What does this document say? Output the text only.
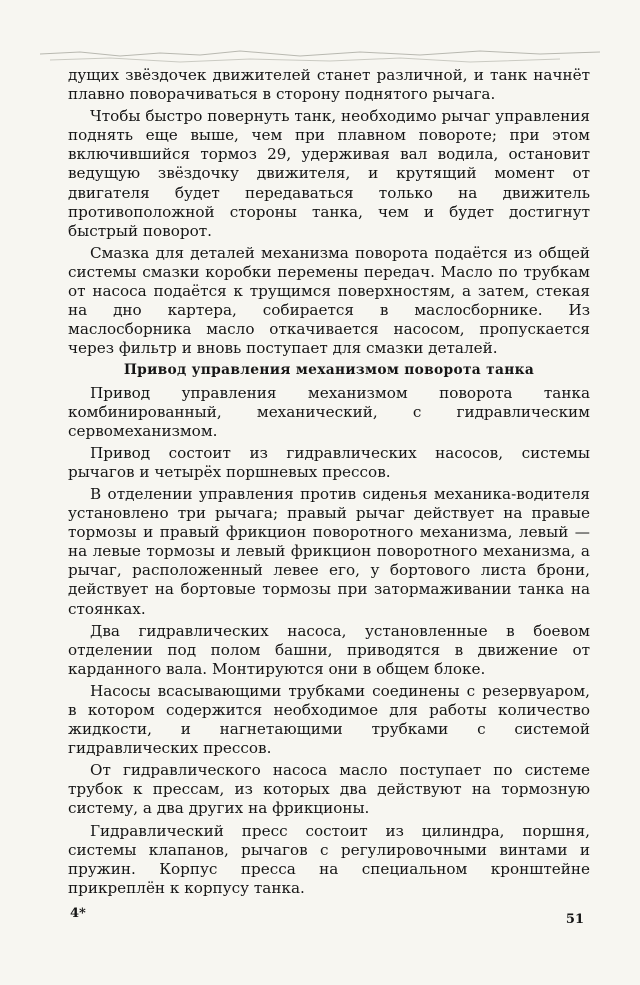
дущих звёздочек движителей станет различной, и танк начнёт плавно поворачиваться в сторону поднятого рычага.

Чтобы быстро повернуть танк, необходимо рычаг управления поднять еще выше, чем при плавном повороте; при этом включившийся тормоз 29, удерживая вал водила, остановит ведущую звёздочку движителя, и крутящий момент от двигателя будет передаваться только на движитель противоположной стороны танка, чем и будет достигнут быстрый поворот.

Смазка для деталей механизма поворота подаётся из общей системы смазки коробки перемены передач. Масло по трубкам от насоса подаётся к трущимся поверхностям, а затем, стекая на дно картера, собирается в маслосборнике. Из маслосборника масло откачивается насосом, пропускается через фильтр и вновь поступает для смазки деталей.

Привод управления механизмом поворота танка

Привод управления механизмом поворота танка комбинированный, механический, с гидравлическим сервомеханизмом.

Привод состоит из гидравлических насосов, системы рычагов и четырёх поршневых прессов.

В отделении управления против сиденья механика-водителя установлено три рычага; правый рычаг действует на правые тормозы и правый фрикцион поворотного механизма, левый — на левые тормозы и левый фрикцион поворотного механизма, а рычаг, расположенный левее его, у бортового листа брони, действует на бортовые тормозы при затормаживании танка на стоянках.

Два гидравлических насоса, установленные в боевом отделении под полом башни, приводятся в движение от карданного вала. Монтируются они в общем блоке.

Насосы всасывающими трубками соединены с резервуаром, в котором содержится необходимое для работы количество жидкости, и нагнетающими трубками с системой гидравлических прессов.

От гидравлического насоса масло поступает по системе трубок к прессам, из которых два действуют на тормозную систему, а два других на фрикционы.

Гидравлический пресс состоит из цилиндра, поршня, системы клапанов, рычагов с регулировочными винтами и пружин. Корпус пресса на специальном кронштейне прикреплён к корпусу танка.

4*	51
